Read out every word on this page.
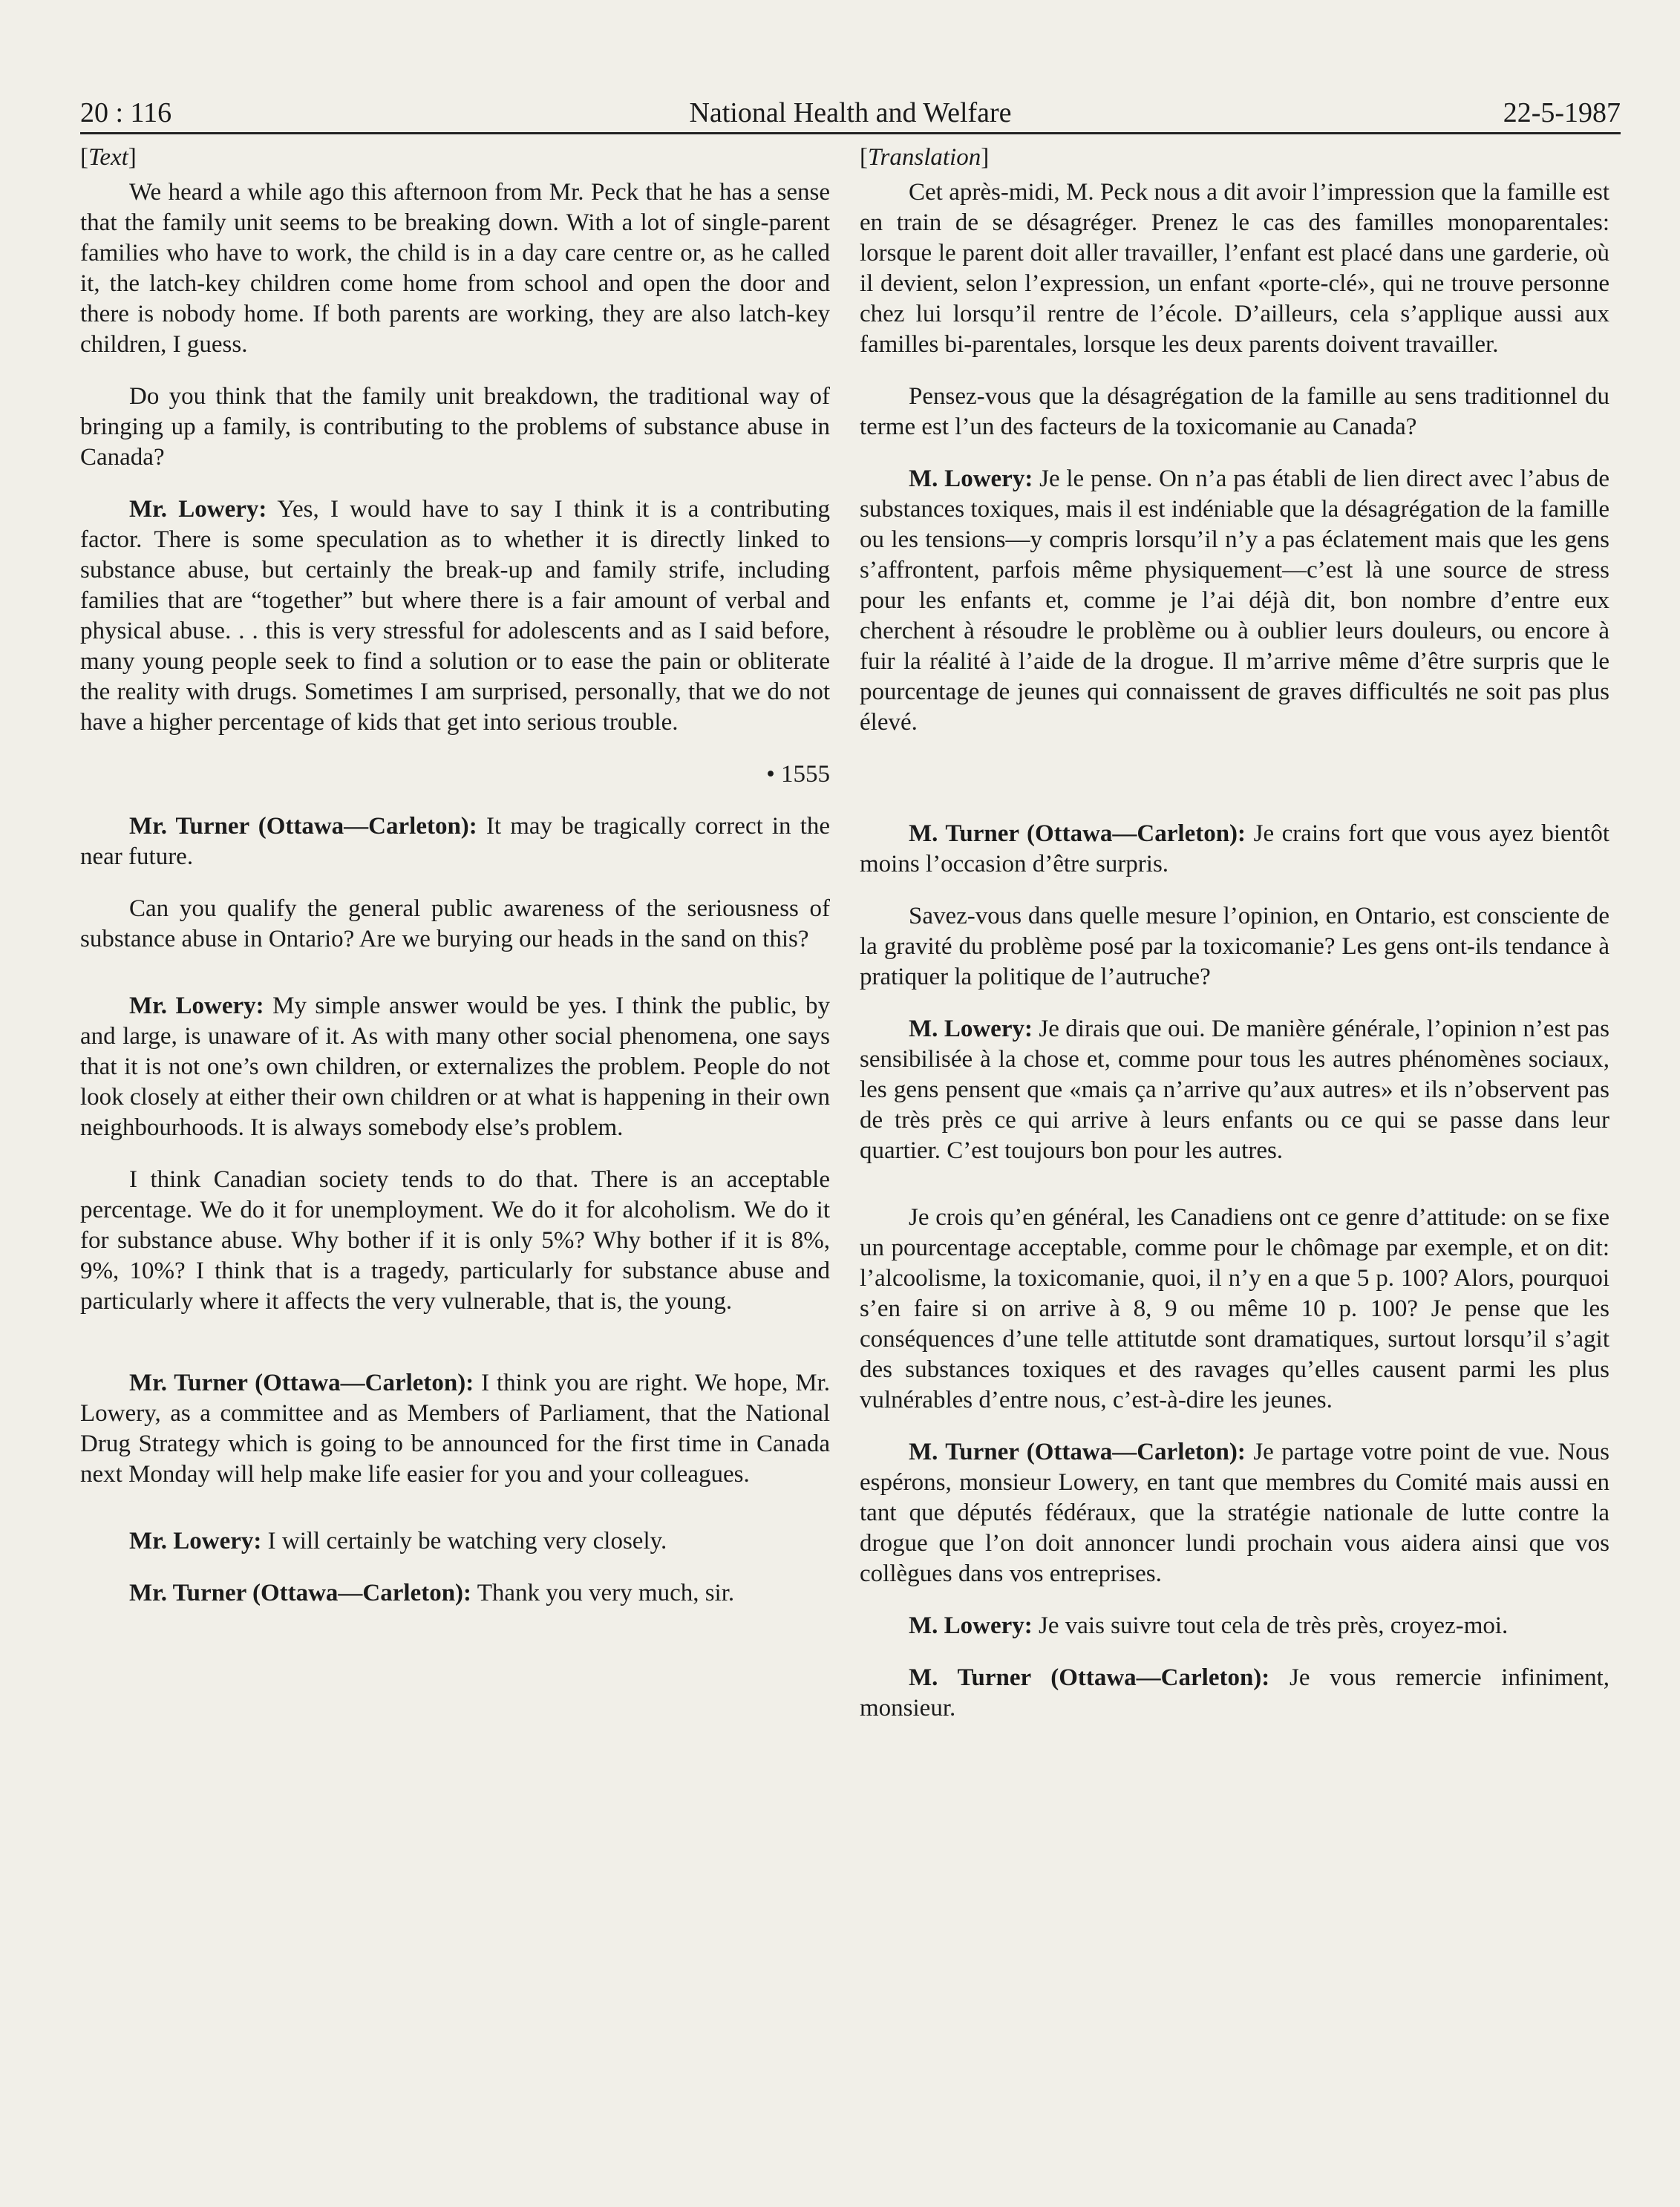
20 : 116	National Health and Welfare	22-5-1987

[ Text ]

We heard a while ago this afternoon from Mr. Peck that he has a sense that the family unit seems to be breaking down. With a lot of single-parent families who have to work, the child is in a day care centre or, as he called it, the latch-key children come home from school and open the door and there is nobody home. If both parents are working, they are also latch-key children, I guess.

Do you think that the family unit breakdown, the traditional way of bringing up a family, is contributing to the problems of substance abuse in Canada?

Mr. Lowery: Yes, I would have to say I think it is a contributing factor. There is some speculation as to whether it is directly linked to substance abuse, but certainly the break-up and family strife, including families that are “together” but where there is a fair amount of verbal and physical abuse. . . this is very stressful for adolescents and as I said before, many young people seek to find a solution or to ease the pain or obliterate the reality with drugs. Sometimes I am surprised, personally, that we do not have a higher percentage of kids that get into serious trouble.

• 1555

Mr. Turner (Ottawa—Carleton): It may be tragically correct in the near future.

Can you qualify the general public awareness of the seriousness of substance abuse in Ontario? Are we burying our heads in the sand on this?

Mr. Lowery: My simple answer would be yes. I think the public, by and large, is unaware of it. As with many other social phenomena, one says that it is not one’s own children, or externalizes the problem. People do not look closely at either their own children or at what is happening in their own neighbourhoods. It is always somebody else’s problem.

I think Canadian society tends to do that. There is an acceptable percentage. We do it for unemployment. We do it for alcoholism. We do it for substance abuse. Why bother if it is only 5%? Why bother if it is 8%, 9%, 10%? I think that is a tragedy, particularly for substance abuse and particularly where it affects the very vulnerable, that is, the young.

Mr. Turner (Ottawa—Carleton): I think you are right. We hope, Mr. Lowery, as a committee and as Members of Parliament, that the National Drug Strategy which is going to be announced for the first time in Canada next Monday will help make life easier for you and your colleagues.

Mr. Lowery: I will certainly be watching very closely.

Mr. Turner (Ottawa—Carleton): Thank you very much, sir.

[ Translation ]

Cet après-midi, M. Peck nous a dit avoir l’impression que la famille est en train de se désagréger. Prenez le cas des familles monoparentales: lorsque le parent doit aller travailler, l’enfant est placé dans une garderie, où il devient, selon l’expression, un enfant «porte-clé», qui ne trouve personne chez lui lorsqu’il rentre de l’école. D’ailleurs, cela s’applique aussi aux familles bi-parentales, lorsque les deux parents doivent travailler.

Pensez-vous que la désagrégation de la famille au sens traditionnel du terme est l’un des facteurs de la toxicomanie au Canada?

M. Lowery: Je le pense. On n’a pas établi de lien direct avec l’abus de substances toxiques, mais il est indéniable que la désagrégation de la famille ou les tensions—y compris lorsqu’il n’y a pas éclatement mais que les gens s’affrontent, parfois même physiquement—c’est là une source de stress pour les enfants et, comme je l’ai déjà dit, bon nombre d’entre eux cherchent à résoudre le problème ou à oublier leurs douleurs, ou encore à fuir la réalité à l’aide de la drogue. Il m’arrive même d’être surpris que le pourcentage de jeunes qui connaissent de graves difficultés ne soit pas plus élevé.

M. Turner (Ottawa—Carleton): Je crains fort que vous ayez bientôt moins l’occasion d’être surpris.

Savez-vous dans quelle mesure l’opinion, en Ontario, est consciente de la gravité du problème posé par la toxicomanie? Les gens ont-ils tendance à pratiquer la politique de l’autruche?

M. Lowery: Je dirais que oui. De manière générale, l’opinion n’est pas sensibilisée à la chose et, comme pour tous les autres phénomènes sociaux, les gens pensent que «mais ça n’arrive qu’aux autres» et ils n’observent pas de très près ce qui arrive à leurs enfants ou ce qui se passe dans leur quartier. C’est toujours bon pour les autres.

Je crois qu’en général, les Canadiens ont ce genre d’attitude: on se fixe un pourcentage acceptable, comme pour le chômage par exemple, et on dit: l’alcoolisme, la toxicomanie, quoi, il n’y en a que 5 p. 100? Alors, pourquoi s’en faire si on arrive à 8, 9 ou même 10 p. 100? Je pense que les conséquences d’une telle attitutde sont dramatiques, surtout lorsqu’il s’agit des substances toxiques et des ravages qu’elles causent parmi les plus vulnérables d’entre nous, c’est-à-dire les jeunes.

M. Turner (Ottawa—Carleton): Je partage votre point de vue. Nous espérons, monsieur Lowery, en tant que membres du Comité mais aussi en tant que députés fédéraux, que la stratégie nationale de lutte contre la drogue que l’on doit annoncer lundi prochain vous aidera ainsi que vos collègues dans vos entreprises.

M. Lowery: Je vais suivre tout cela de très près, croyez-moi.

M. Turner (Ottawa—Carleton): Je vous remercie infiniment, monsieur.
